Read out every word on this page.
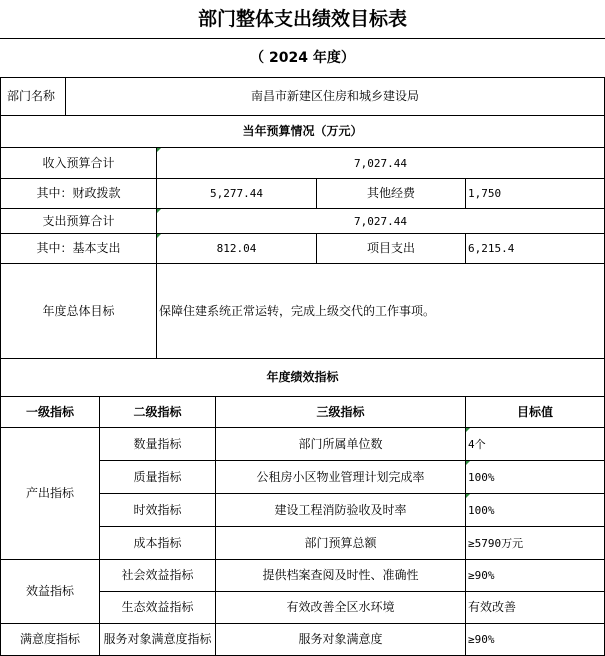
部门整体支出绩效目标表
（ 2024 年度）
部门名称	南昌市新建区住房和城乡建设局
当年预算情况（万元）
收入预算合计	7,027.44
其中：财政拨款	5,277.44	其他经费	1,750
支出预算合计	7,027.44
其中：基本支出	812.04	项目支出	6,215.4
年度总体目标	保障住建系统正常运转，完成上级交代的工作事项。
年度绩效指标
一级指标	二级指标	三级指标	目标值
产出指标
数量指标	部门所属单位数	4个
质量指标	公租房小区物业管理计划完成率	100%
时效指标	建设工程消防验收及时率	100%
成本指标	部门预算总额	≥5790万元
效益指标
社会效益指标	提供档案查阅及时性、准确性	≥90%
生态效益指标	有效改善全区水环境	有效改善
满意度指标	服务对象满意度指标	服务对象满意度	≥90%
